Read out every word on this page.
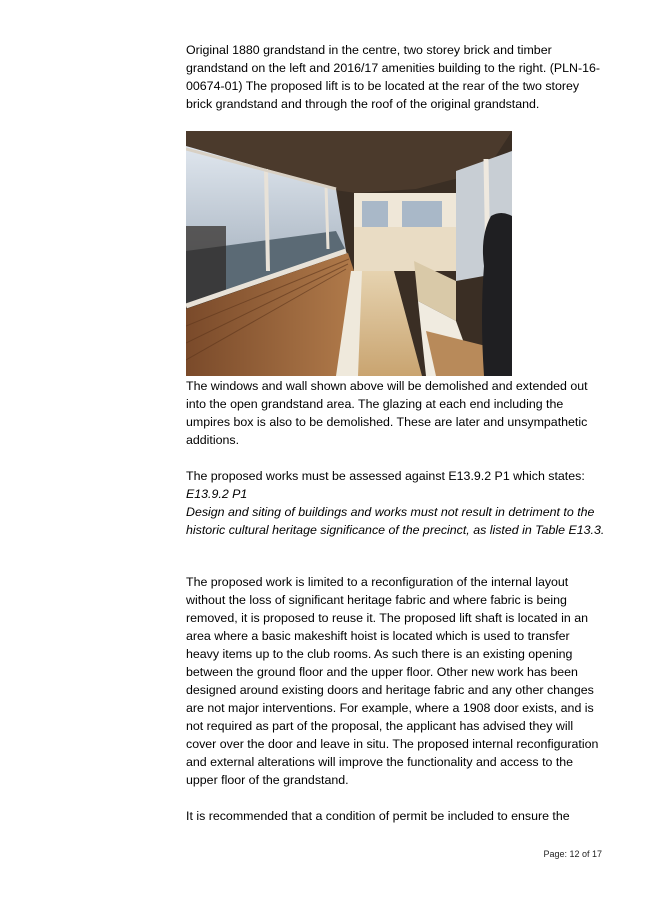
Original 1880 grandstand in the centre, two storey brick and timber grandstand on the left and 2016/17 amenities building to the right. (PLN-16-00674-01) The proposed lift is to be located at the rear of the two storey brick grandstand and through the roof of the original grandstand.

The windows and wall shown above will be demolished and extended out into the open grandstand area. The glazing at each end including the umpires box is also to be demolished. These are later and unsympathetic additions.

The proposed works must be assessed against E13.9.2 P1 which states:

E13.9.2 P1

Design and siting of buildings and works must not result in detriment to the historic cultural heritage significance of the precinct, as listed in Table E13.3.

The proposed work is limited to a reconfiguration of the internal layout without the loss of significant heritage fabric and where fabric is being removed, it is proposed to reuse it. The proposed lift shaft is located in an area where a basic makeshift hoist is located which is used to transfer heavy items up to the club rooms. As such there is an existing opening between the ground floor and the upper floor. Other new work has been designed around existing doors and heritage fabric and any other changes are not major interventions. For example, where a 1908 door exists, and is not required as part of the proposal, the applicant has advised they will cover over the door and leave in situ. The proposed internal reconfiguration and external alterations will improve the functionality and access to the upper floor of the grandstand.

It is recommended that a condition of permit be included to ensure the

Page: 12 of 17
